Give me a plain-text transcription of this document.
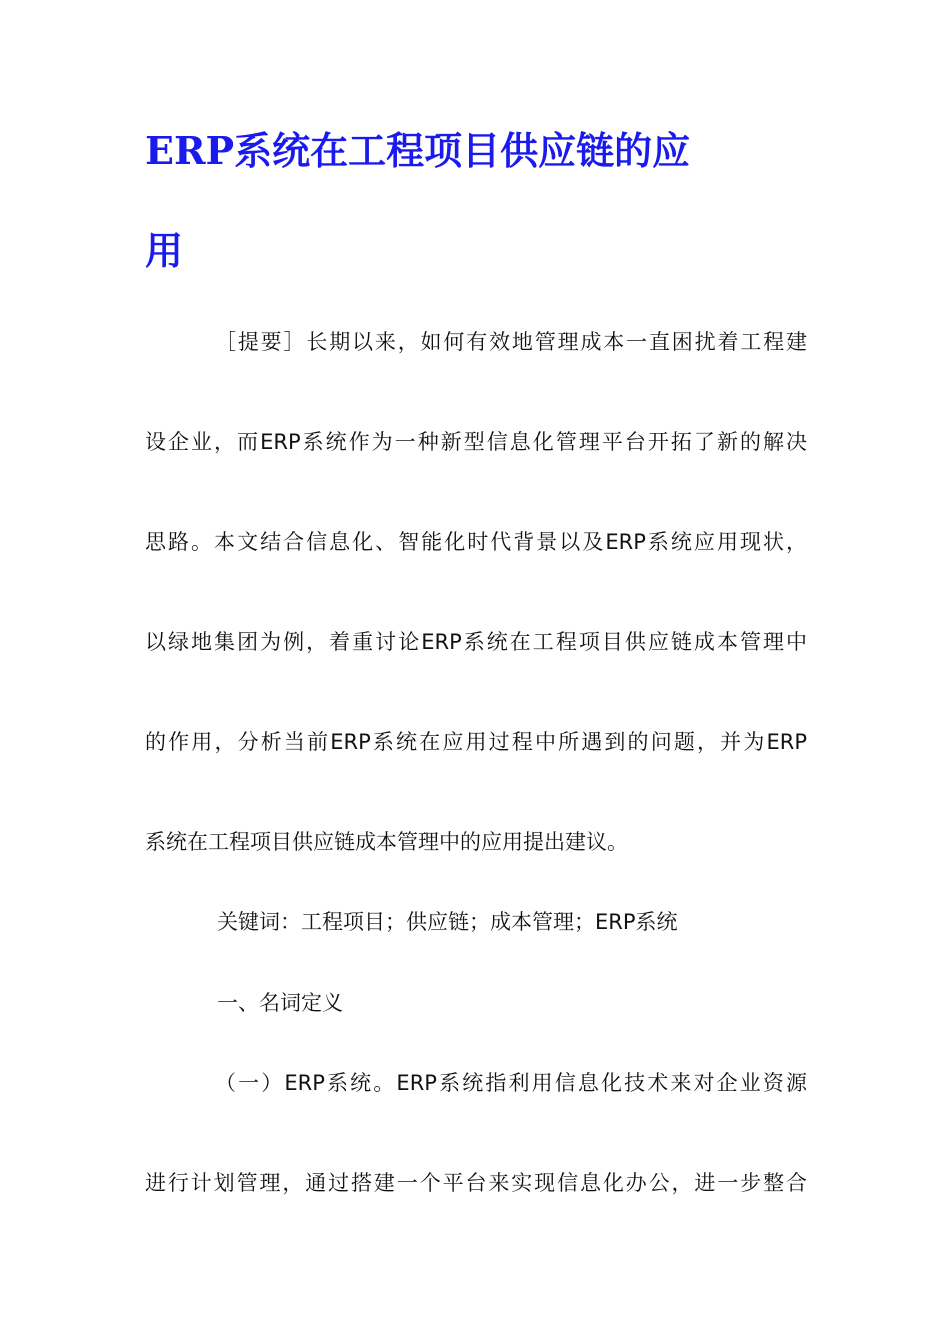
ERP系统在工程项目供应链的应
用

［提要］长期以来，如何有效地管理成本一直困扰着工程建
设企业，而ERP系统作为一种新型信息化管理平台开拓了新的解决
思路。本文结合信息化、智能化时代背景以及ERP系统应用现状，
以绿地集团为例，着重讨论ERP系统在工程项目供应链成本管理中
的作用，分析当前ERP系统在应用过程中所遇到的问题，并为ERP
系统在工程项目供应链成本管理中的应用提出建议。

关键词：工程项目；供应链；成本管理；ERP系统

一、名词定义

（一）ERP系统。ERP系统指利用信息化技术来对企业资源
进行计划管理，通过搭建一个平台来实现信息化办公，进一步整合
